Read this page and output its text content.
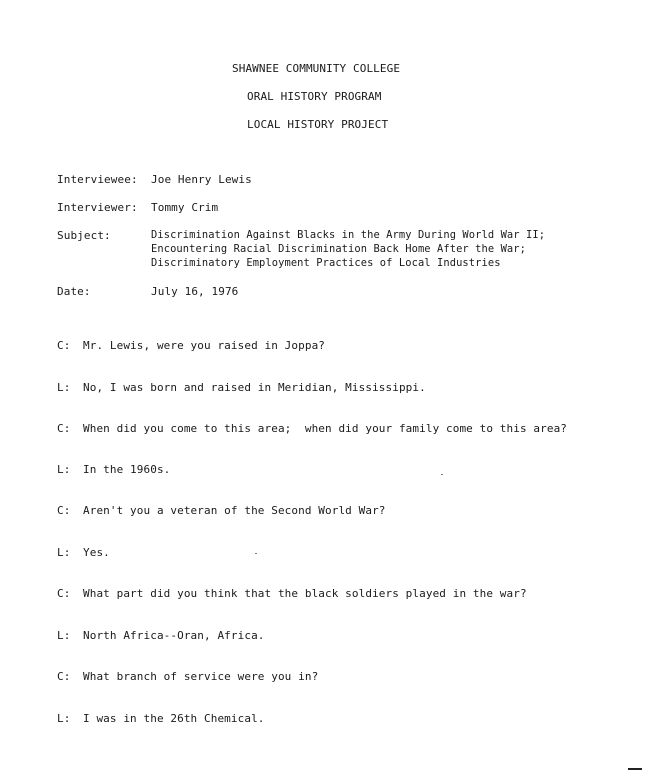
SHAWNEE COMMUNITY COLLEGE
ORAL HISTORY PROGRAM
LOCAL HISTORY PROJECT
Interviewee: Joe Henry Lewis
Interviewer: Tommy Crim
Subject:	Discrimination Against Blacks in the Army During World War II;
Encountering Racial Discrimination Back Home After the War;
Discriminatory Employment Practices of Local Industries
Date:	July 16, 1976
C: Mr. Lewis, were you raised in Joppa?
L: No, I was born and raised in Meridian, Mississippi.
C: When did you come to this area;  when did your family come to this area?
L: In the 1960s.
C: Aren't you a veteran of the Second World War?
L: Yes.
C: What part did you think that the black soldiers played in the war?
L: North Africa--Oran, Africa.
C: What branch of service were you in?
L: I was in the 26th Chemical.
